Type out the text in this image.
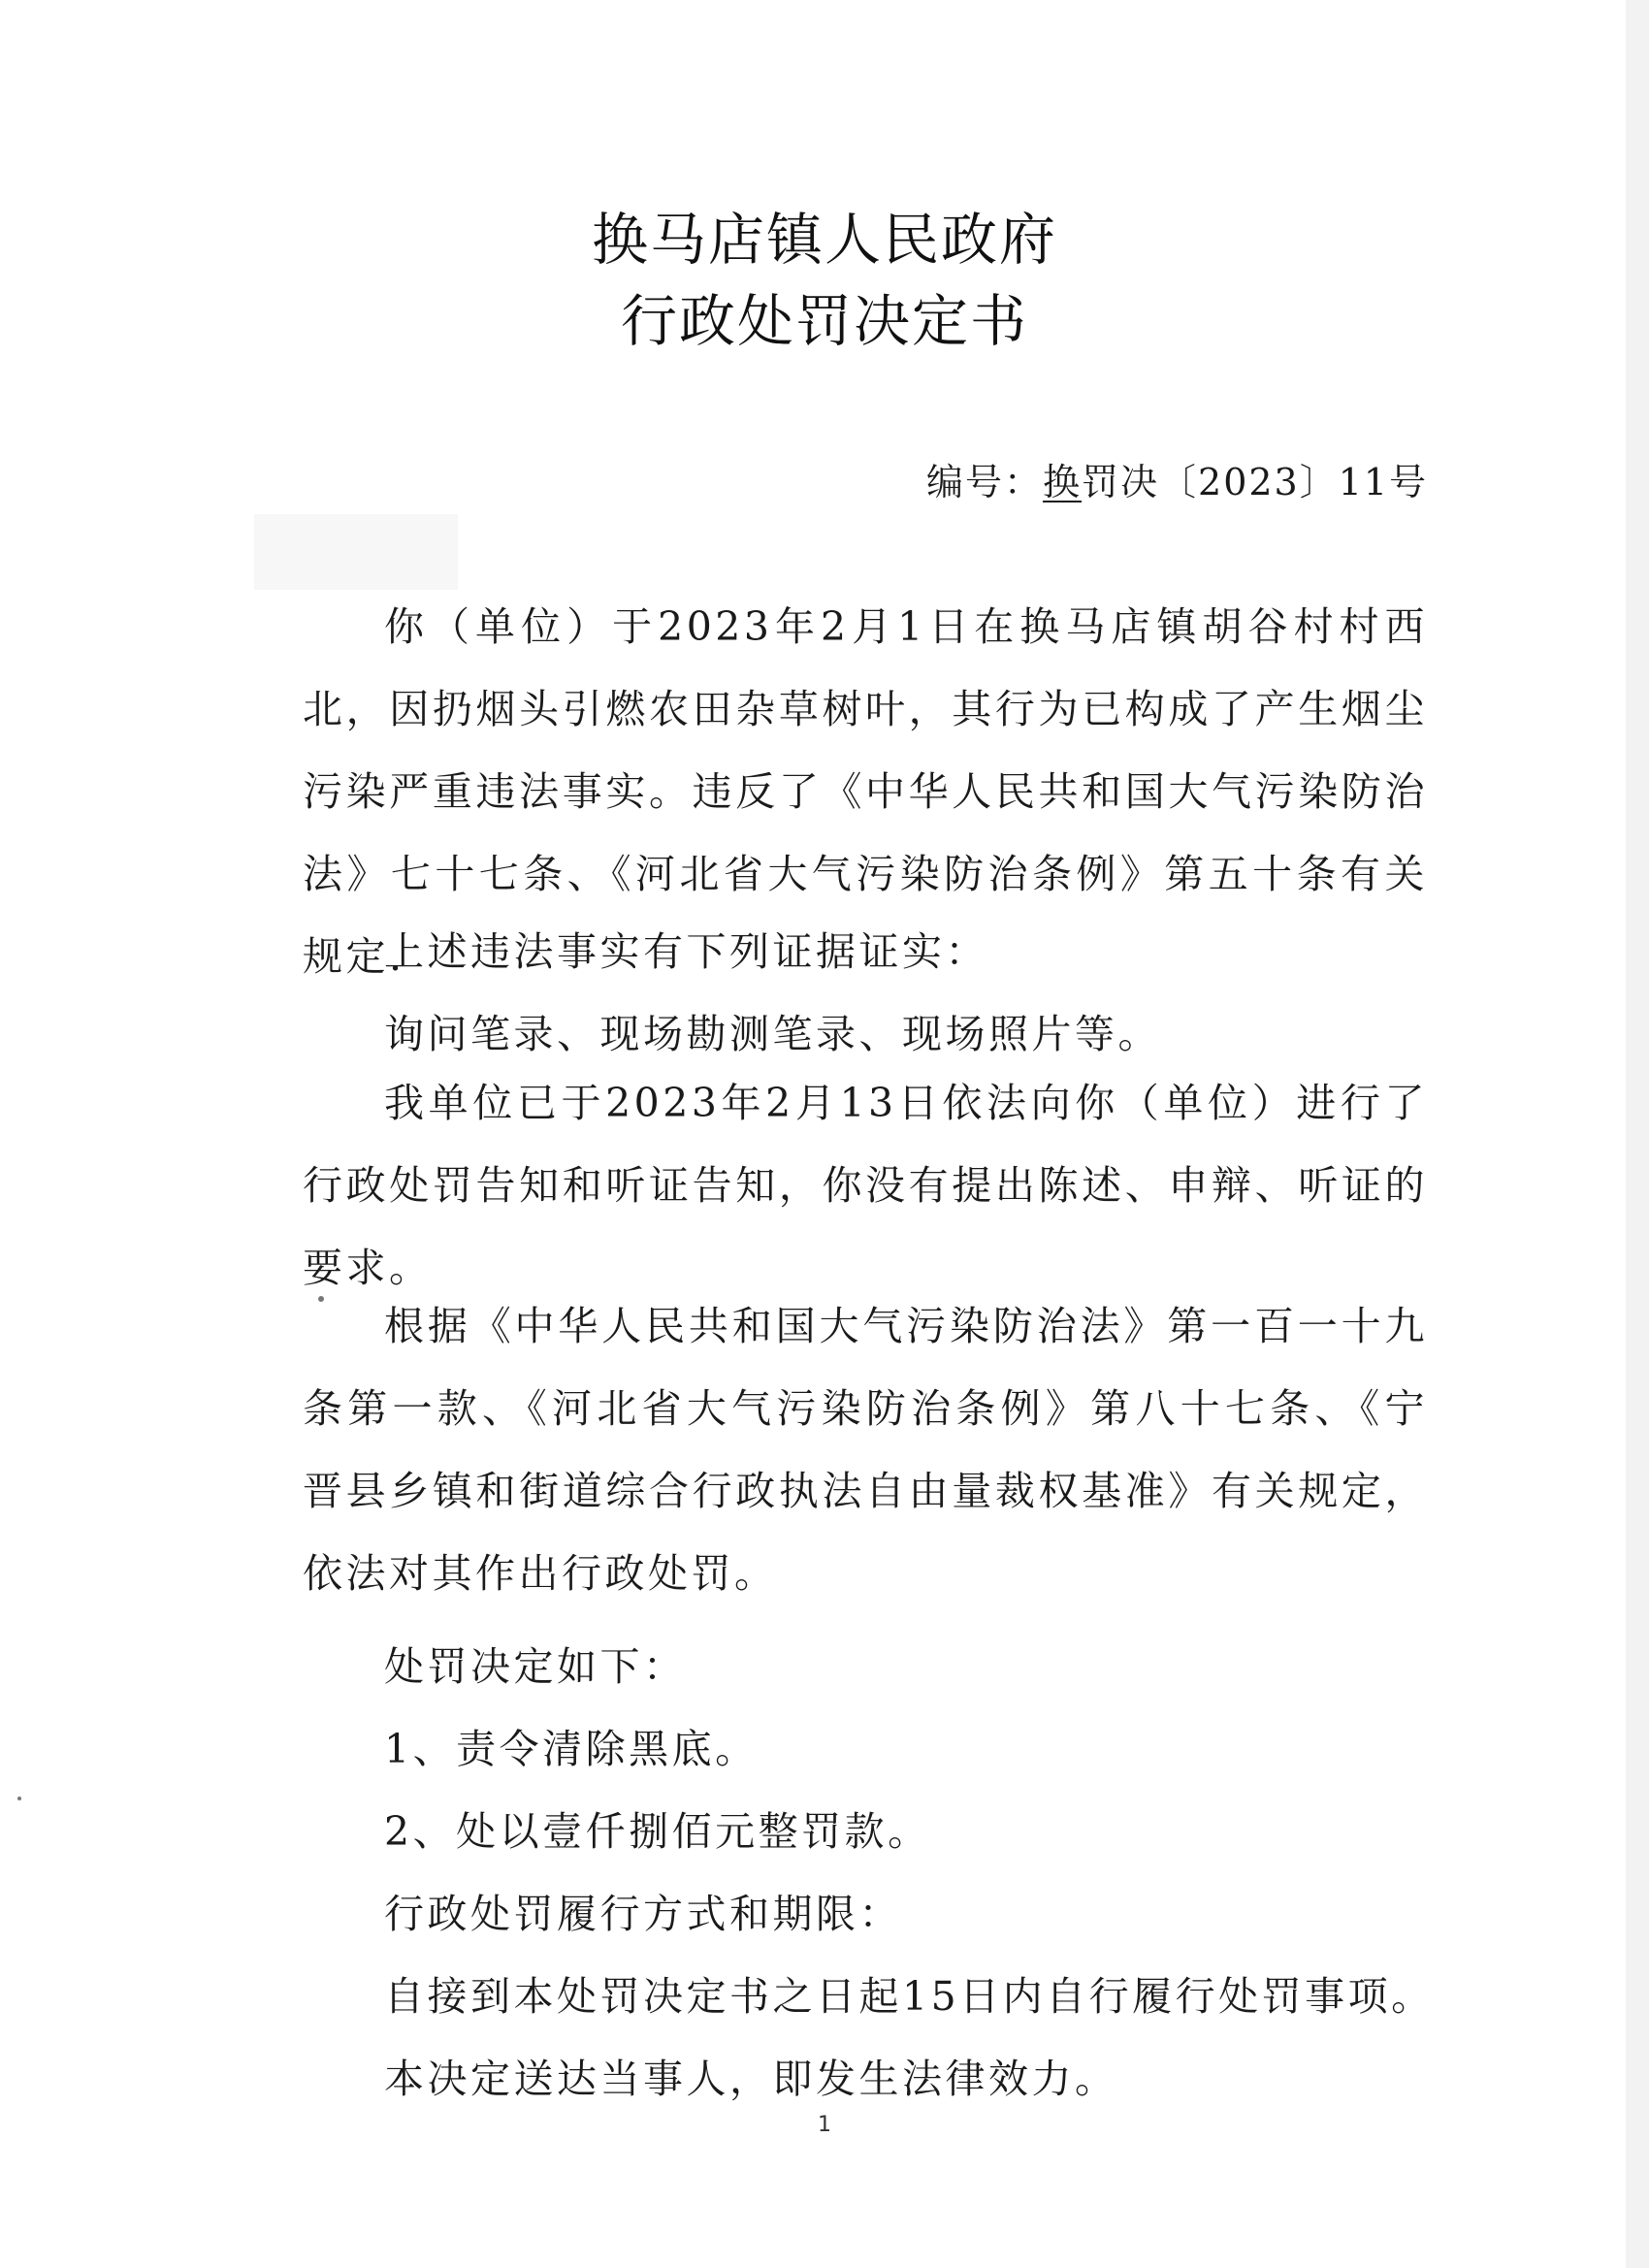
换马店镇人民政府
行政处罚决定书
编号：换罚决〔2023〕11号
你（单位）于2023年2月1日在换马店镇胡谷村村西北，因扔烟头引燃农田杂草树叶，其行为已构成了产生烟尘污染严重违法事实。违反了《中华人民共和国大气污染防治法》七十七条、《河北省大气污染防治条例》第五十条有关规定.
上述违法事实有下列证据证实：
询问笔录、现场勘测笔录、现场照片等。
我单位已于2023年2月13日依法向你（单位）进行了行政处罚告知和听证告知，你没有提出陈述、申辩、听证的要求。
根据《中华人民共和国大气污染防治法》第一百一十九条第一款、《河北省大气污染防治条例》第八十七条、《宁晋县乡镇和街道综合行政执法自由量裁权基准》有关规定，依法对其作出行政处罚。
处罚决定如下：
1、责令清除黑底。
2、处以壹仟捌佰元整罚款。
行政处罚履行方式和期限：
自接到本处罚决定书之日起15日内自行履行处罚事项。
本决定送达当事人，即发生法律效力。
1
